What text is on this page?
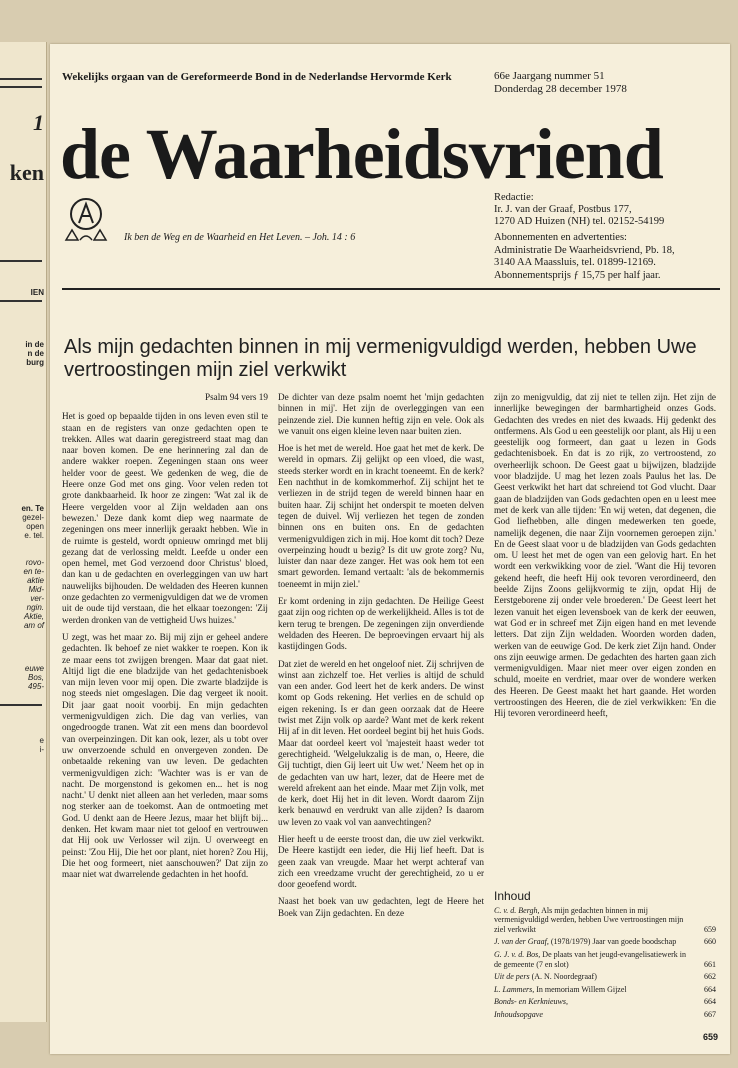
1
ken
IEN
in de
n de
burg
en. Te
gezel-
open
e. tel.
rovo-
en te-
aktie
Mid-
ver-
ngin.
Aktie,
am of
euwe
Bos,
495-
e
i-
Wekelijks orgaan van de Gereformeerde Bond in de Nederlandse Hervormde Kerk	66e Jaargang nummer 51
Donderdag 28 december 1978
de Waarheidsvriend
Ik ben de Weg en de Waarheid en Het Leven. – Joh. 14 : 6
Redactie:
Ir. J. van der Graaf, Postbus 177,
1270 AD Huizen (NH) tel. 02152-54199
Abonnementen en advertenties:
Administratie De Waarheidsvriend, Pb. 18,
3140 AA Maassluis, tel. 01899-12169.
Abonnementsprijs ƒ 15,75 per half jaar.
Als mijn gedachten binnen in mij vermenigvuldigd werden, hebben Uwe vertroostingen mijn ziel verkwikt

Psalm 94 vers 19

Het is goed op bepaalde tijden in ons leven even stil te staan en de registers van onze gedachten open te trekken. Alles wat daarin geregistreerd staat mag dan naar boven komen. De ene herinnering zal dan de andere wakker roepen. Zegeningen staan ons weer helder voor de geest. We gedenken de weg, die de Heere onze God met ons ging. Voor velen reden tot grote dankbaarheid. Ik hoor ze zingen: 'Wat zal ik de Heere vergelden voor al Zijn weldaden aan ons bewezen.' Deze dank komt diep weg naarmate de zegeningen ons meer innerlijk geraakt hebben. Wie in de ruimte is gesteld, wordt opnieuw omringd met blij gezang dat de verlossing meldt. Leefde u onder een open hemel, met God verzoend door Christus' bloed, dan kan u de gedachten en overleggingen van uw hart nauwelijks bijhouden. De weldaden des Heeren kunnen onze gedachten zo vermenigvuldigen dat we de vromen uit de oude tijd verstaan, die het elkaar toezongen: 'Zij werden dronken van de vettigheid Uws huizes.'

U zegt, was het maar zo. Bij mij zijn er geheel andere gedachten. Ik behoef ze niet wakker te roepen. Kon ik ze maar eens tot zwijgen brengen. Maar dat gaat niet. Altijd ligt die ene bladzijde van het gedachtenisboek van mijn leven voor mij open. Die zwarte bladzijde is nog steeds niet omgeslagen. Die dag vergeet ik nooit. Dit jaar gaat nooit voorbij. En mijn gedachten vermenigvuldigen zich. Die dag van verlies, van ongedroogde tranen. Wat zit een mens dan boordevol van overpeinzingen. Dit kan ook, lezer, als u tobt over uw onverzoende schuld en onvergeven zonden. De onbetaalde rekening van uw leven. De gedachten vermenigvuldigen zich: 'Wachter was is er van de nacht. De morgenstond is gekomen en... het is nog nacht.' U denkt niet alleen aan het verleden, maar soms nog sterker aan de toekomst. Aan de ontmoeting met God. U denkt aan de Heere Jezus, maar het blijft bij... denken. Het kwam maar niet tot geloof en vertrouwen dat Hij ook uw Verlosser wil zijn. U overweegt en peinst: 'Zou Hij, Die het oor plant, niet horen? Zou Hij, Die het oog formeert, niet aanschouwen?' Dat zijn zo maar niet wat dwarrelende gedachten in het hoofd.

De dichter van deze psalm noemt het 'mijn gedachten binnen in mij'. Het zijn de overleggingen van een peinzende ziel. Die kunnen heftig zijn en vele. Ook als we vanuit ons eigen kleine leven naar buiten zien.

Hoe is het met de wereld. Hoe gaat het met de kerk. De wereld in opmars. Zij gelijkt op een vloed, die wast, steeds sterker wordt en in kracht toeneemt. En de kerk? Een nachthut in de komkommerhof. Zij schijnt het te verliezen in de strijd tegen de wereld binnen haar en buiten haar. Zij schijnt het onderspit te moeten delven tegen de duivel. Wij verliezen het tegen de zonden binnen ons en buiten ons. En de gedachten vermenigvuldigen zich in mij. Hoe komt dit toch? Deze overpeinzing houdt u bezig? Is dit uw grote zorg? Nu, luister dan naar deze zanger. Het was ook hem tot een smart geworden. Iemand vertaalt: 'als de bekommernis toeneemt in mijn ziel.'

Er komt ordening in zijn gedachten. De Heilige Geest gaat zijn oog richten op de werkelijkheid. Alles is tot de kern terug te brengen. De zegeningen zijn onverdiende weldaden des Heeren. De beproevingen ervaart hij als kastijdingen Gods.

Dat ziet de wereld en het ongeloof niet. Zij schrijven de winst aan zichzelf toe. Het verlies is altijd de schuld van een ander. God leert het de kerk anders. De winst komt op Gods rekening. Het verlies en de schuld op eigen rekening. Is er dan geen oorzaak dat de Heere twist met Zijn volk op aarde? Want met de kerk rekent Hij af in dit leven. Het oordeel begint bij het huis Gods. Maar dat oordeel keert vol 'majesteit haast weder tot gerechtigheid. 'Welgelukzalig is de man, o, Heere, die Gij tuchtigt, dien Gij leert uit Uw wet.' Neem het op in de gedachten van uw hart, lezer, dat de Heere met de wereld afrekent aan het einde. Maar met Zijn volk, met de kerk, doet Hij het in dit leven. Wordt daarom Zijn kerk benauwd en verdrukt van alle zijden? Is daarom uw leven zo vaak vol van aanvechtingen?

Hier heeft u de eerste troost dan, die uw ziel verkwikt. De Heere kastijdt een ieder, die Hij lief heeft. Dat is geen zaak van vreugde. Maar het werpt achteraf van zich een vreedzame vrucht der gerechtigheid, zo u er door geoefend wordt.

Naast het boek van uw gedachten, legt de Heere het Boek van Zijn gedachten. En deze

zijn zo menigvuldig, dat zij niet te tellen zijn. Het zijn de innerlijke bewegingen der barmhartigheid onzes Gods. Gedachten des vredes en niet des kwaads. Hij gedenkt des ontfermens. Als God u een geestelijk oor plant, als Hij u een geestelijk oog formeert, dan gaat u lezen in Gods gedachtenisboek. En dat is zo rijk, zo vertroostend, zo overheerlijk schoon. De Geest gaat u bijwijzen, bladzijde voor bladzijde. U mag het lezen zoals Paulus het las. De Geest verkwikt het hart dat schreiend tot God vlucht. Daar gaan de bladzijden van Gods gedachten open en u leest mee met de kerk van alle tijden: 'En wij weten, dat degenen, die God liefhebben, alle dingen medewerken ten goede, namelijk degenen, die naar Zijn voornemen geroepen zijn.' En de Geest slaat voor u de bladzijden van Gods gedachten om. U leest het met de ogen van een gelovig hart. En het wordt een verkwikking voor de ziel. 'Want die Hij tevoren gekend heeft, die heeft Hij ook tevoren verordineerd, den beelde Zijns Zoons gelijkvormig te zijn, opdat Hij de Eerstgeborene zij onder vele broederen.' De Geest leert het lezen vanuit het eigen levensboek van de kerk der eeuwen, wat God er in schreef met Zijn eigen hand en met levende letters. Dat zijn Zijn weldaden. Woorden worden daden, werken van de eeuwige God. De kerk ziet Zijn hand. Onder ons zijn eeuwige armen. De gedachten des harten gaan zich vermenigvuldigen. Maar niet meer over eigen zonden en schuld, moeite en verdriet, maar over de wondere werken des Heeren. De Geest maakt het hart gaande. Het worden vertroostingen des Heeren, die de ziel verkwikken: 'En die Hij tevoren verordineerd heeft,

Inhoud
C. v. d. Bergh, Als mijn gedachten binnen in mij vermenigvuldigd werden, hebben Uwe vertroostingen mijn ziel verkwikt	659
J. van der Graaf, (1978/1979) Jaar van goede boodschap	660
G. J. v. d. Bos, De plaats van het jeugd-evangelisatiewerk in de gemeente (7 en slot)	661
Uit de pers (A. N. Noordegraaf)	662
L. Lammers, In memoriam Willem Gijzel	664
Bonds- en Kerknieuws,	664
Inhoudsopgave	667
659
